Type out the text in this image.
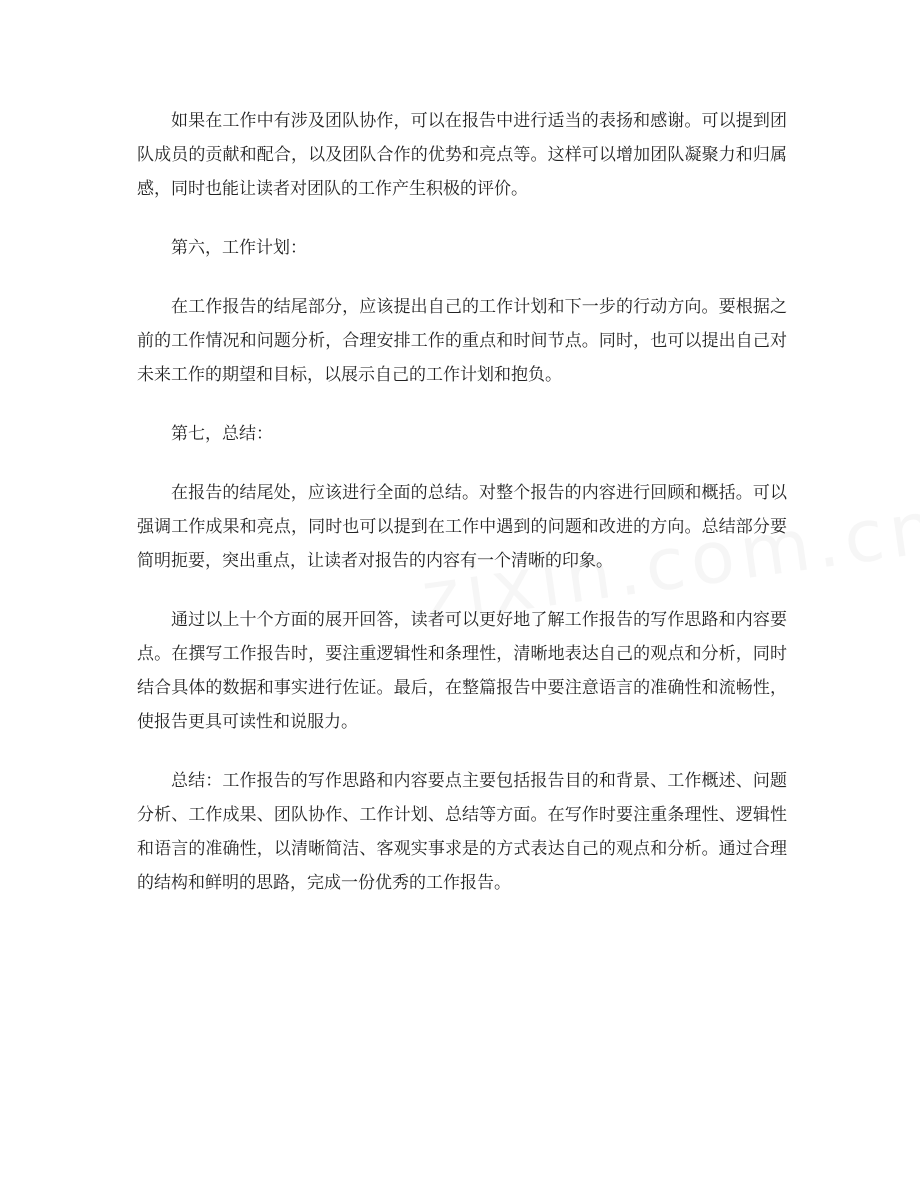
如果在工作中有涉及团队协作，可以在报告中进行适当的表扬和感谢。可以提到团队成员的贡献和配合，以及团队合作的优势和亮点等。这样可以增加团队凝聚力和归属感，同时也能让读者对团队的工作产生积极的评价。

第六，工作计划：

在工作报告的结尾部分，应该提出自己的工作计划和下一步的行动方向。要根据之前的工作情况和问题分析，合理安排工作的重点和时间节点。同时，也可以提出自己对未来工作的期望和目标，以展示自己的工作计划和抱负。

第七，总结：

在报告的结尾处，应该进行全面的总结。对整个报告的内容进行回顾和概括。可以强调工作成果和亮点，同时也可以提到在工作中遇到的问题和改进的方向。总结部分要简明扼要，突出重点，让读者对报告的内容有一个清晰的印象。

通过以上十个方面的展开回答，读者可以更好地了解工作报告的写作思路和内容要点。在撰写工作报告时，要注重逻辑性和条理性，清晰地表达自己的观点和分析，同时结合具体的数据和事实进行佐证。最后，在整篇报告中要注意语言的准确性和流畅性，使报告更具可读性和说服力。

总结：工作报告的写作思路和内容要点主要包括报告目的和背景、工作概述、问题分析、工作成果、团队协作、工作计划、总结等方面。在写作时要注重条理性、逻辑性和语言的准确性，以清晰简洁、客观实事求是的方式表达自己的观点和分析。通过合理的结构和鲜明的思路，完成一份优秀的工作报告。
